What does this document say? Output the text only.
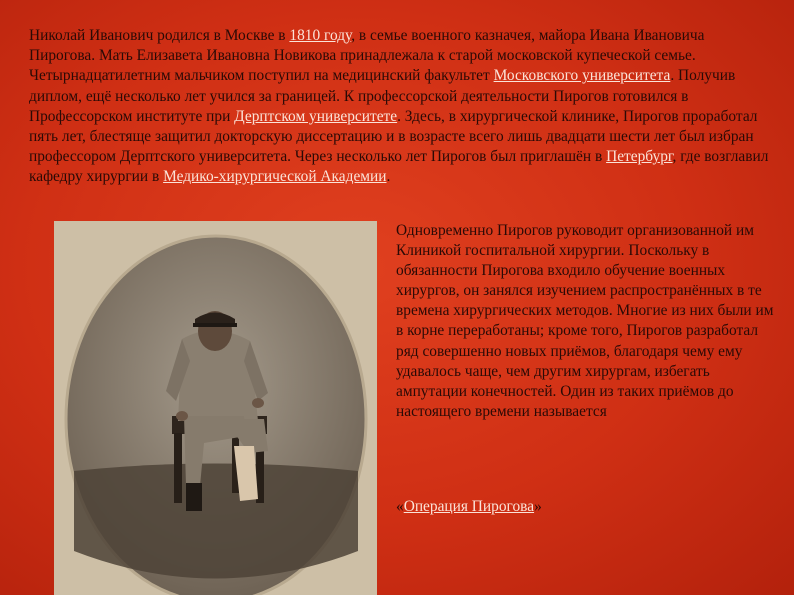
Николай Иванович родился в Москве в 1810 году, в семье военного казначея, майора Ивана Ивановича Пирогова. Мать Елизавета Ивановна Новикова принадлежала к старой московской купеческой семье. Четырнадцатилетним мальчиком поступил на медицинский факультет Московского университета. Получив диплом, ещё несколько лет учился за границей. К профессорской деятельности Пирогов готовился в Профессорском институте при Дерптском университете. Здесь, в хирургической клинике, Пирогов проработал пять лет, блестяще защитил докторскую диссертацию и в возрасте всего лишь двадцати шести лет был избран профессором Дерптского университета. Через несколько лет Пирогов был приглашён в Петербург, где возглавил кафедру хирургии в Медико-хирургической Академии.

Одновременно Пирогов руководит организованной им Клиникой госпитальной хирургии. Поскольку в обязанности Пирогова входило обучение военных хирургов, он занялся изучением распространённых в те времена хирургических методов. Многие из них были им в корне переработаны; кроме того, Пирогов разработал ряд совершенно новых приёмов, благодаря чему ему удавалось чаще, чем другим хирургам, избегать ампутации конечностей. Один из таких приёмов до настоящего времени называется

«Операция Пирогова»
